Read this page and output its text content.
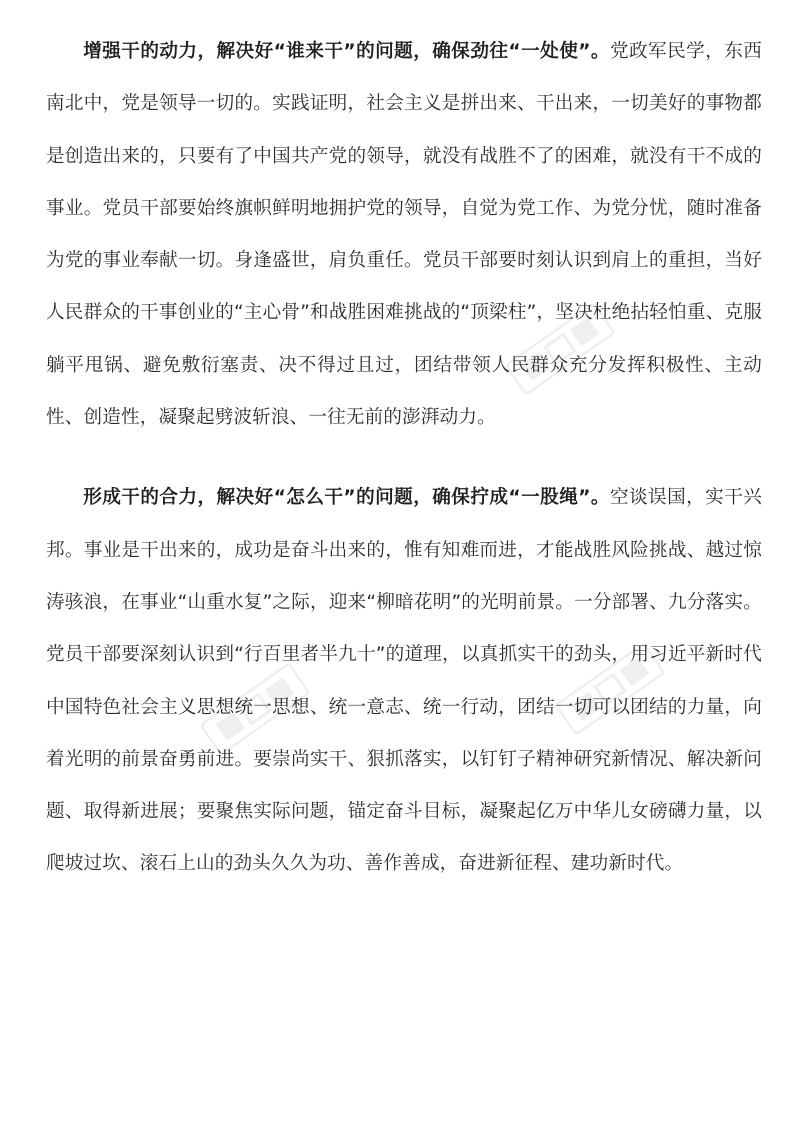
增强干的动力，解决好“谁来干”的问题，确保劲往“一处使”。党政军民学，东西南北中，党是领导一切的。实践证明，社会主义是拼出来、干出来，一切美好的事物都是创造出来的，只要有了中国共产党的领导，就没有战胜不了的困难，就没有干不成的事业。党员干部要始终旗帜鲜明地拥护党的领导，自觉为党工作、为党分忧，随时准备为党的事业奉献一切。身逢盛世，肩负重任。党员干部要时刻认识到肩上的重担，当好人民群众的干事创业的“主心骨”和战胜困难挑战的“顶梁柱”，坚决杜绝拈轻怕重、克服躺平甩锅、避免敷衍塞责、决不得过且过，团结带领人民群众充分发挥积极性、主动性、创造性，凝聚起劈波斩浪、一往无前的澎湃动力。

形成干的合力，解决好“怎么干”的问题，确保拧成“一股绳”。空谈误国，实干兴邦。事业是干出来的，成功是奋斗出来的，惟有知难而进，才能战胜风险挑战、越过惊涛骇浪，在事业“山重水复”之际，迎来“柳暗花明”的光明前景。一分部署、九分落实。党员干部要深刻认识到“行百里者半九十”的道理，以真抓实干的劲头，用习近平新时代中国特色社会主义思想统一思想、统一意志、统一行动，团结一切可以团结的力量，向着光明的前景奋勇前进。要崇尚实干、狠抓落实，以钉钉子精神研究新情况、解决新问题、取得新进展；要聚焦实际问题，锚定奋斗目标，凝聚起亿万中华儿女磅礴力量，以爬坡过坎、滚石上山的劲头久久为功、善作善成，奋进新征程、建功新时代。
